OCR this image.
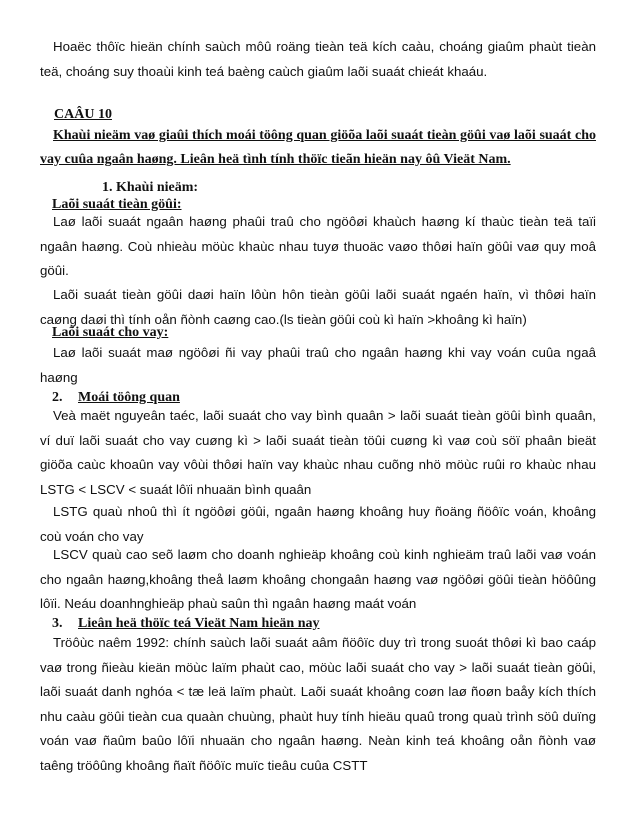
Hoaëc thôïc hieän chính saùch môû roäng tieàn teä kích caàu, choáng giaûm phaùt tieàn teä, choáng suy thoaùi kinh teá baèng caùch giaûm laõi suaát chieát khaáu.

CAÂU 10

Khaùi nieäm vaø giaûi thích moái töông quan giöõa laõi suaát tieàn göûi vaø laõi suaát cho vay cuûa ngaân haøng. Lieân heä tình tính thöïc tieãn hieän nay ôû Vieät Nam.

1. Khaùi nieäm:

Laõi suaát tieàn göûi:

Laø laõi suaát ngaân haøng phaûi traû cho ngöôøi khaùch haøng kí thaùc tieàn teä taïi ngaân haøng. Coù nhieàu möùc khaùc nhau tuyø thuoäc vaøo thôøi haïn göûi vaø quy moâ göûi.

Laõi suaát tieàn göûi daøi haïn lôùn hôn tieàn göûi laõi suaát ngaén haïn, vì thôøi haïn caøng daøi thì tính oån ñònh caøng cao.(ls tieàn göûi coù kì haïn >khoâng kì haïn)

Laõi suaát cho vay:

Laø laõi suaát maø ngöôøi ñi vay phaûi traû cho ngaân haøng khi vay voán cuûa ngaâ haøng

2. Moái töông quan

Veà maët nguyeân taéc, laõi suaát cho vay bình quaân > laõi suaát tieàn göûi bình quaân, ví duï laõi suaát cho vay cuøng kì > laõi suaát tieàn töûi cuøng kì vaø coù söï phaân bieät giöõa caùc khoaûn vay vôùi thôøi haïn vay khaùc nhau cuõng nhö möùc ruûi ro khaùc nhau LSTG < LSCV < suaát lôïi nhuaän bình quaân

LSTG quaù nhoû thì ít ngöôøi göûi, ngaân haøng khoâng huy ñoäng ñöôïc voán, khoâng coù voán cho vay

LSCV quaù cao seõ laøm cho doanh nghieäp khoâng coù kinh nghieäm traû laõi vaø voán cho ngaân haøng,khoâng theå laøm khoâng chongaân haøng vaø ngöôøi göûi tieàn höôûng lôïi. Neáu doanhnghieäp phaù saûn thì ngaân haøng maát voán

3. Lieân heä thöïc teá Vieät Nam hieän nay

Tröôùc naêm 1992: chính saùch laõi suaát aâm ñöôïc duy trì trong suoát thôøi kì bao caáp vaø trong ñieàu kieän möùc laïm phaùt cao, möùc laõi suaát cho vay > laõi suaát tieàn göûi, laõi suaát danh nghóa < tæ leä laïm phaùt. Laõi suaát khoâng coøn laø ñoøn baåy kích thích nhu caàu göûi tieàn cua quaàn chuùng, phaùt huy tính hieäu quaû trong quaù trình söû duïng voán vaø ñaûm baûo lôïi nhuaän cho ngaân haøng. Neàn kinh teá khoâng oån ñònh vaø taêng tröôûng khoâng ñaït ñöôïc muïc tieâu cuûa CSTT
